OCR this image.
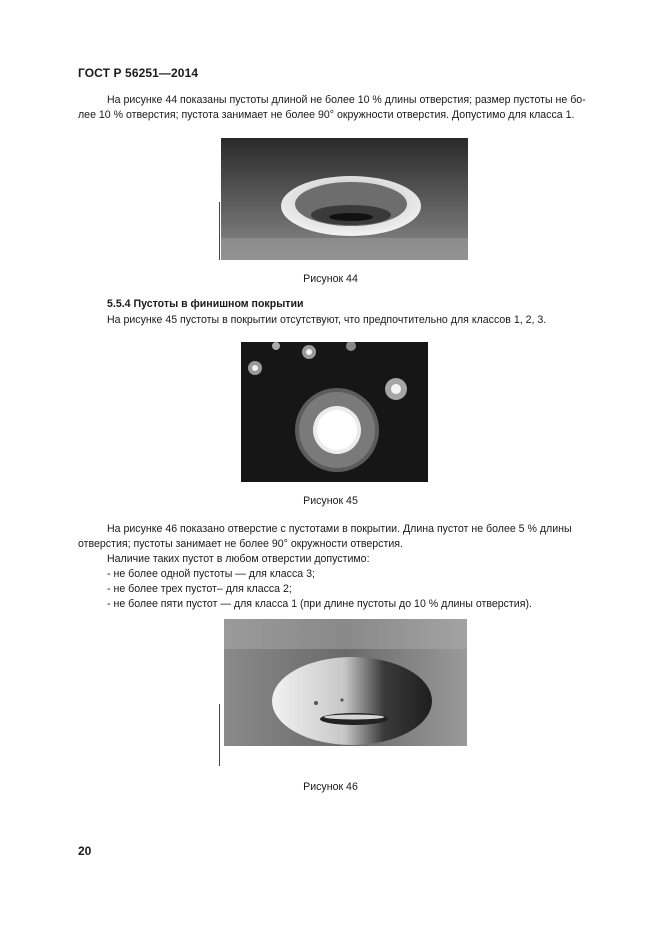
ГОСТ Р 56251—2014
На рисунке 44 показаны пустоты длиной не более 10 % длины отверстия; размер пустоты не бо-
лее 10 % отверстия; пустота занимает не более 90° окружности отверстия. Допустимо для класса 1.
Рисунок 44
5.5.4 Пустоты в финишном покрытии
На рисунке 45 пустоты в покрытии отсутствуют, что предпочтительно для классов 1, 2, 3.
Рисунок 45
На рисунке 46 показано отверстие с пустотами в покрытии. Длина пустот не более 5 % длины
отверстия; пустоты занимает не более 90° окружности отверстия.
Наличие таких пустот в любом отверстии допустимо:
- не более одной пустоты — для класса 3;
- не более трех пустот– для класса 2;
- не более пяти пустот — для класса 1 (при длине пустоты до 10 % длины отверстия).
Рисунок 46
20
